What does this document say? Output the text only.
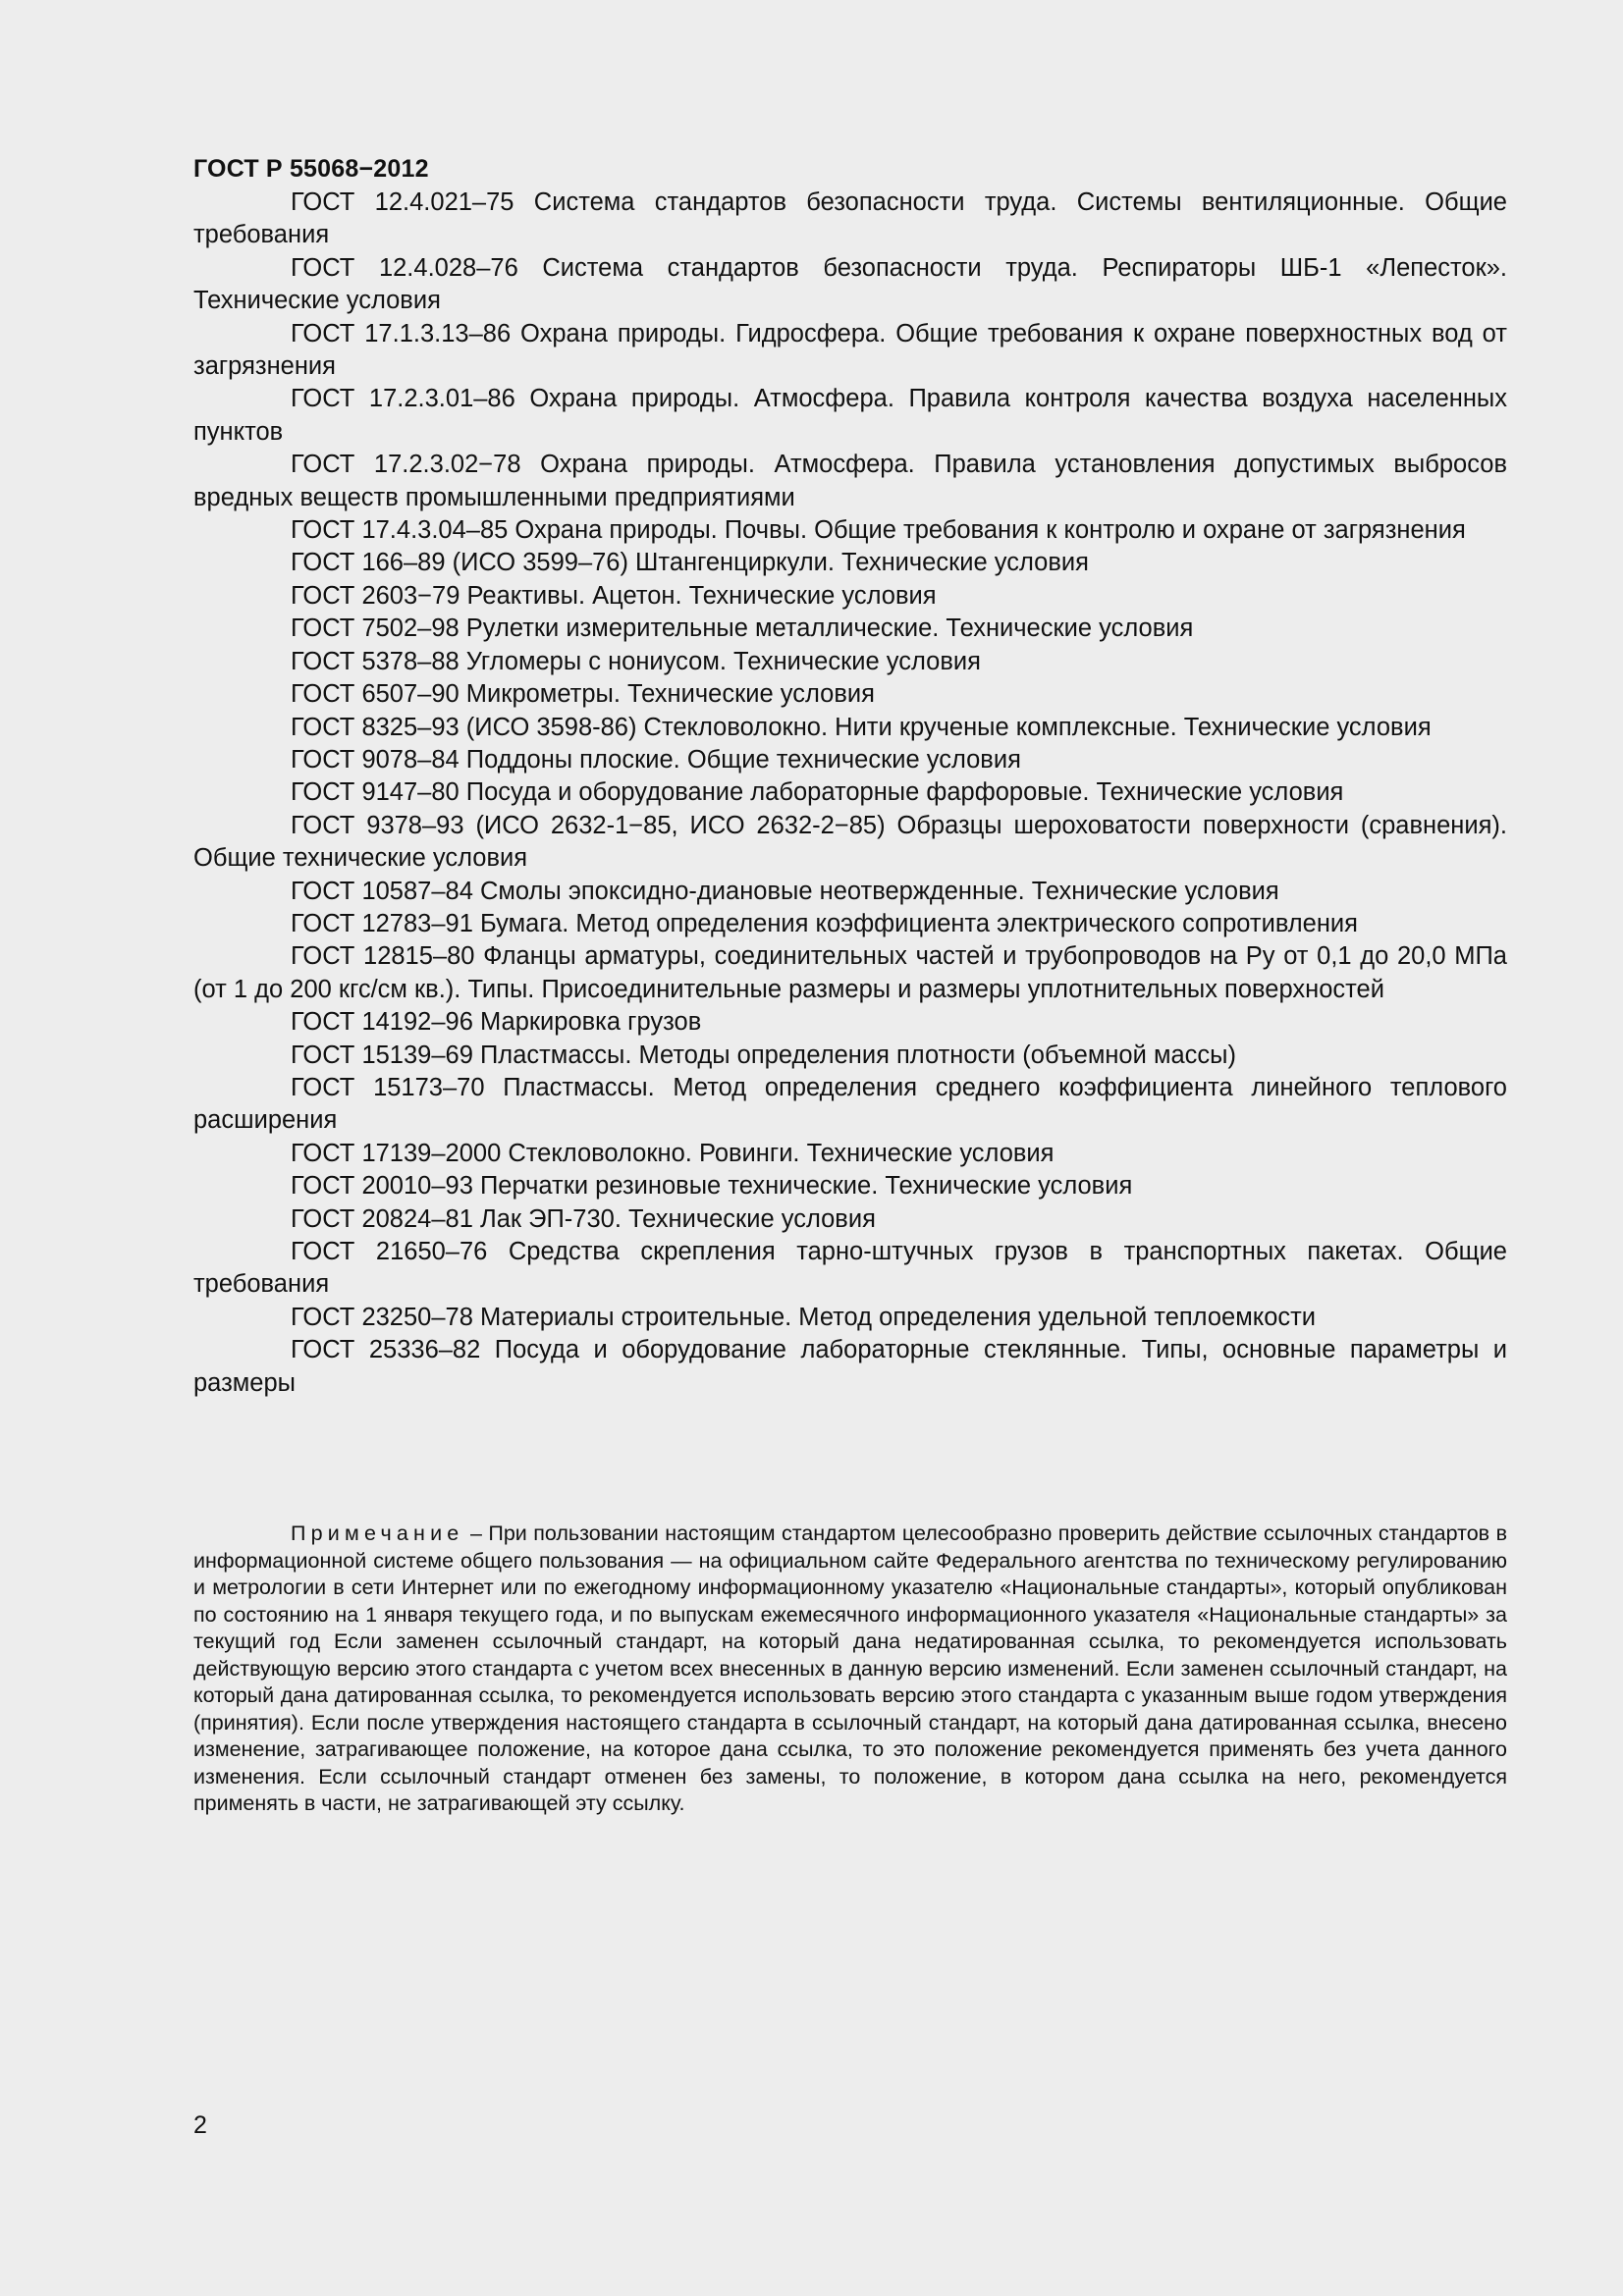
ГОСТ Р 55068−2012

ГОСТ 12.4.021–75 Система стандартов безопасности труда. Системы вентиляционные. Общие требования

ГОСТ 12.4.028–76 Система стандартов безопасности труда. Респираторы ШБ-1 «Лепесток». Технические условия

ГОСТ 17.1.3.13–86 Охрана природы. Гидросфера. Общие требования к охране поверхностных вод от загрязнения

ГОСТ 17.2.3.01–86 Охрана природы. Атмосфера. Правила контроля качества воздуха населенных пунктов

ГОСТ 17.2.3.02−78 Охрана природы. Атмосфера. Правила установления допустимых выбросов вредных веществ промышленными предприятиями

ГОСТ 17.4.3.04–85 Охрана природы. Почвы. Общие требования к контролю и охране от загрязнения

ГОСТ 166–89 (ИСО 3599–76) Штангенциркули. Технические условия

ГОСТ 2603−79 Реактивы. Ацетон. Технические условия

ГОСТ 7502–98 Рулетки измерительные металлические. Технические условия

ГОСТ 5378–88 Угломеры с нониусом. Технические условия

ГОСТ 6507–90 Микрометры. Технические условия

ГОСТ 8325–93 (ИСО 3598-86) Стекловолокно. Нити крученые комплексные. Технические условия

ГОСТ 9078–84 Поддоны плоские. Общие технические условия

ГОСТ 9147–80 Посуда и оборудование лабораторные фарфоровые. Технические условия

ГОСТ 9378–93 (ИСО 2632-1−85, ИСО 2632-2−85) Образцы шероховатости поверхности (сравнения). Общие технические условия

ГОСТ 10587–84 Смолы эпоксидно-диановые неотвержденные. Технические условия

ГОСТ 12783–91 Бумага. Метод определения коэффициента электрического сопротивления

ГОСТ 12815–80 Фланцы арматуры, соединительных частей и трубопроводов на Ру от 0,1 до 20,0 МПа (от 1 до 200 кгс/см кв.). Типы. Присоединительные размеры и размеры уплотнительных поверхностей

ГОСТ 14192–96 Маркировка грузов

ГОСТ 15139–69 Пластмассы. Методы определения плотности (объемной массы)

ГОСТ 15173–70 Пластмассы. Метод определения среднего коэффициента линейного теплового расширения

ГОСТ 17139–2000 Стекловолокно. Ровинги. Технические условия

ГОСТ 20010–93 Перчатки резиновые технические. Технические условия

ГОСТ 20824–81 Лак ЭП-730. Технические условия

ГОСТ 21650–76 Средства скрепления тарно-штучных грузов в транспортных пакетах. Общие требования

ГОСТ 23250–78 Материалы строительные. Метод определения удельной теплоемкости

ГОСТ 25336–82 Посуда и оборудование лабораторные стеклянные. Типы, основные параметры и размеры

Примечание – При пользовании настоящим стандартом целесообразно проверить действие ссылочных стандартов в информационной системе общего пользования — на официальном сайте Федерального агентства по техническому регулированию и метрологии в сети Интернет или по ежегодному информационному указателю «Национальные стандарты», который опубликован по состоянию на 1 января текущего года, и по выпускам ежемесячного информационного указателя «Национальные стандарты» за текущий год Если заменен ссылочный стандарт, на который дана недатированная ссылка, то рекомендуется использовать действующую версию этого стандарта с учетом всех внесенных в данную версию изменений. Если заменен ссылочный стандарт, на который дана датированная ссылка, то рекомендуется использовать версию этого стандарта с указанным выше годом утверждения (принятия). Если после утверждения настоящего стандарта в ссылочный стандарт, на который дана датированная ссылка, внесено изменение, затрагивающее положение, на которое дана ссылка, то это положение рекомендуется применять без учета данного изменения. Если ссылочный стандарт отменен без замены, то положение, в котором дана ссылка на него, рекомендуется применять в части, не затрагивающей эту ссылку.

2
